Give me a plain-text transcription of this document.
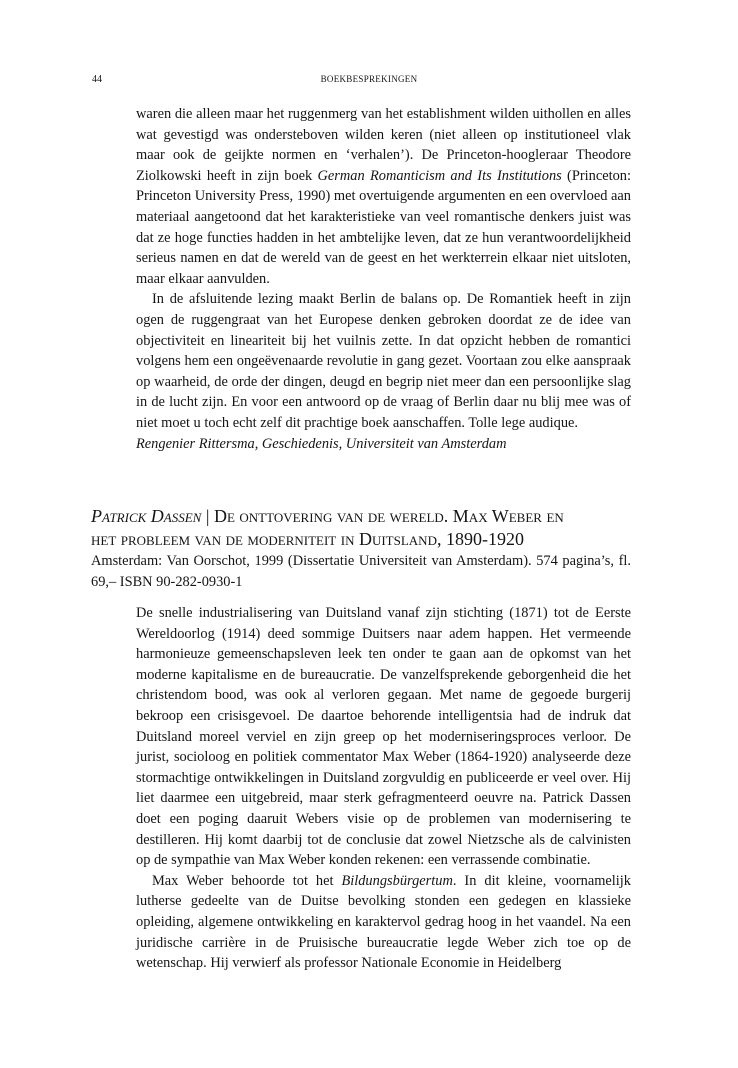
44	BOEKBESPREKINGEN

waren die alleen maar het ruggenmerg van het establishment wilden uithollen en alles wat gevestigd was ondersteboven wilden keren (niet alleen op institutioneel vlak maar ook de geijkte normen en ‘verhalen’). De Princeton-hoogleraar Theodore Ziolkowski heeft in zijn boek German Romanticism and Its Institutions (Princeton: Princeton University Press, 1990) met overtuigende argumenten en een overvloed aan materiaal aangetoond dat het karakteristieke van veel romantische denkers juist was dat ze hoge functies hadden in het ambtelijke leven, dat ze hun verantwoordelijkheid serieus namen en dat de wereld van de geest en het werkterrein elkaar niet uitsloten, maar elkaar aanvulden.

In de afsluitende lezing maakt Berlin de balans op. De Romantiek heeft in zijn ogen de ruggengraat van het Europese denken gebroken doordat ze de idee van objectiviteit en lineariteit bij het vuilnis zette. In dat opzicht hebben de romantici volgens hem een ongeëvenaarde revolutie in gang gezet. Voortaan zou elke aanspraak op waarheid, de orde der dingen, deugd en begrip niet meer dan een persoonlijke slag in de lucht zijn. En voor een antwoord op de vraag of Berlin daar nu blij mee was of niet moet u toch echt zelf dit prachtige boek aanschaffen. Tolle lege audique.

Rengenier Rittersma, Geschiedenis, Universiteit van Amsterdam

Patrick Dassen | De onttovering van de wereld. Max Weber en

het probleem van de moderniteit in Duitsland, 1890-1920

Amsterdam: Van Oorschot, 1999 (Dissertatie Universiteit van Amsterdam). 574 pagina’s, fl. 69,– ISBN 90-282-0930-1

De snelle industrialisering van Duitsland vanaf zijn stichting (1871) tot de Eerste Wereldoorlog (1914) deed sommige Duitsers naar adem happen. Het vermeende harmonieuze gemeenschapsleven leek ten onder te gaan aan de opkomst van het moderne kapitalisme en de bureaucratie. De vanzelfsprekende geborgenheid die het christendom bood, was ook al verloren gegaan. Met name de gegoede burgerij bekroop een crisisgevoel. De daartoe behorende intelligentsia had de indruk dat Duitsland moreel verviel en zijn greep op het moderniseringsproces verloor. De jurist, socioloog en politiek commentator Max Weber (1864-1920) analyseerde deze stormachtige ontwikkelingen in Duitsland zorgvuldig en publiceerde er veel over. Hij liet daarmee een uitgebreid, maar sterk gefragmenteerd oeuvre na. Patrick Dassen doet een poging daaruit Webers visie op de problemen van modernisering te destilleren. Hij komt daarbij tot de conclusie dat zowel Nietzsche als de calvinisten op de sympathie van Max Weber konden rekenen: een verrassende combinatie.

Max Weber behoorde tot het Bildungsbürgertum. In dit kleine, voornamelijk lutherse gedeelte van de Duitse bevolking stonden een gedegen en klassieke opleiding, algemene ontwikkeling en karaktervol gedrag hoog in het vaandel. Na een juridische carrière in de Pruisische bureaucratie legde Weber zich toe op de wetenschap. Hij verwierf als professor Nationale Economie in Heidelberg
